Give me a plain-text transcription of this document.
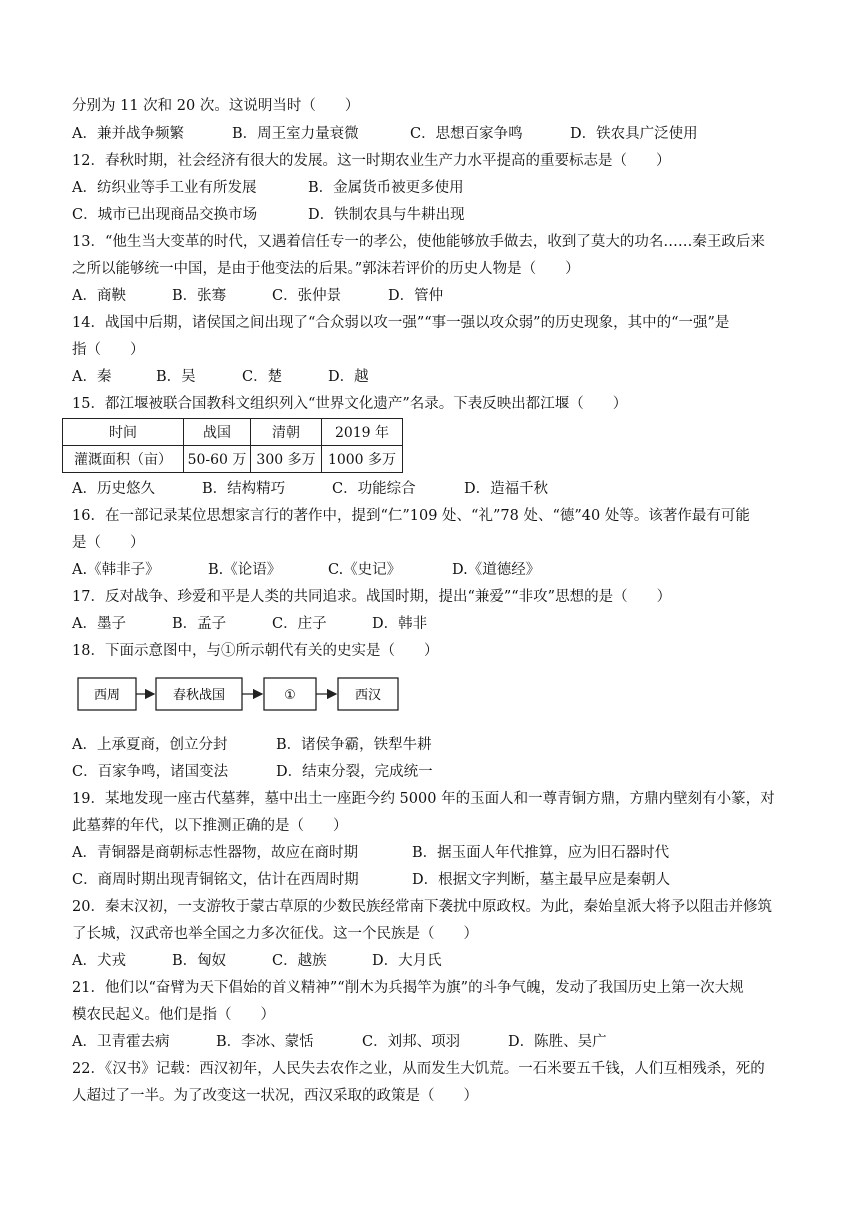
分别为 11 次和 20 次。这说明当时（　　）
A．兼并战争频繁	B．周王室力量衰微	C．思想百家争鸣	D．铁农具广泛使用
12．春秋时期，社会经济有很大的发展。这一时期农业生产力水平提高的重要标志是（　　）
A．纺织业等手工业有所发展	B．金属货币被更多使用
C．城市已出现商品交换市场	D．铁制农具与牛耕出现
13．“他生当大变革的时代，又遇着信任专一的孝公，使他能够放手做去，收到了莫大的功名……秦王政后来
之所以能够统一中国，是由于他变法的后果。”郭沫若评价的历史人物是（　　）
A．商鞅	B．张骞	C．张仲景	D．管仲
14．战国中后期，诸侯国之间出现了“合众弱以攻一强”“事一强以攻众弱”的历史现象，其中的“一强”是
指（　　）
A．秦	B．吴	C．楚	D．越
15．都江堰被联合国教科文组织列入“世界文化遗产”名录。下表反映出都江堰（　　）
时间	战国	清朝	2019 年
灌溉面积（亩）	50-60 万	300 多万	1000 多万
A．历史悠久	B．结构精巧	C．功能综合	D．造福千秋
16．在一部记录某位思想家言行的著作中，提到“仁”109 处、“礼”78 处、“德”40 处等。该著作最有可能
是（　　）
A.《韩非子》	B.《论语》	C.《史记》	D.《道德经》
17．反对战争、珍爱和平是人类的共同追求。战国时期，提出“兼爱”“非攻”思想的是（　　）
A．墨子	B．孟子	C．庄子	D．韩非
18．下面示意图中，与①所示朝代有关的史实是（　　）
西周	春秋战国	①	西汉
A．上承夏商，创立分封	B．诸侯争霸，铁犁牛耕
C．百家争鸣，诸国变法	D．结束分裂，完成统一
19．某地发现一座古代墓葬，墓中出土一座距今约 5000 年的玉面人和一尊青铜方鼎，方鼎内壁刻有小篆，对
此墓葬的年代，以下推测正确的是（　　）
A．青铜器是商朝标志性器物，故应在商时期	B．据玉面人年代推算，应为旧石器时代
C．商周时期出现青铜铭文，估计在西周时期	D．根据文字判断，墓主最早应是秦朝人
20．秦末汉初，一支游牧于蒙古草原的少数民族经常南下袭扰中原政权。为此，秦始皇派大将予以阻击并修筑
了长城，汉武帝也举全国之力多次征伐。这一个民族是（　　）
A．犬戎	B．匈奴	C．越族	D．大月氏
21．他们以“奋臂为天下倡始的首义精神”“削木为兵揭竿为旗”的斗争气魄，发动了我国历史上第一次大规
模农民起义。他们是指（　　）
A．卫青霍去病	B．李冰、蒙恬	C．刘邦、项羽	D．陈胜、吴广
22．《汉书》记载：西汉初年，人民失去农作之业，从而发生大饥荒。一石米要五千钱，人们互相残杀，死的
人超过了一半。为了改变这一状况，西汉采取的政策是（　　）
